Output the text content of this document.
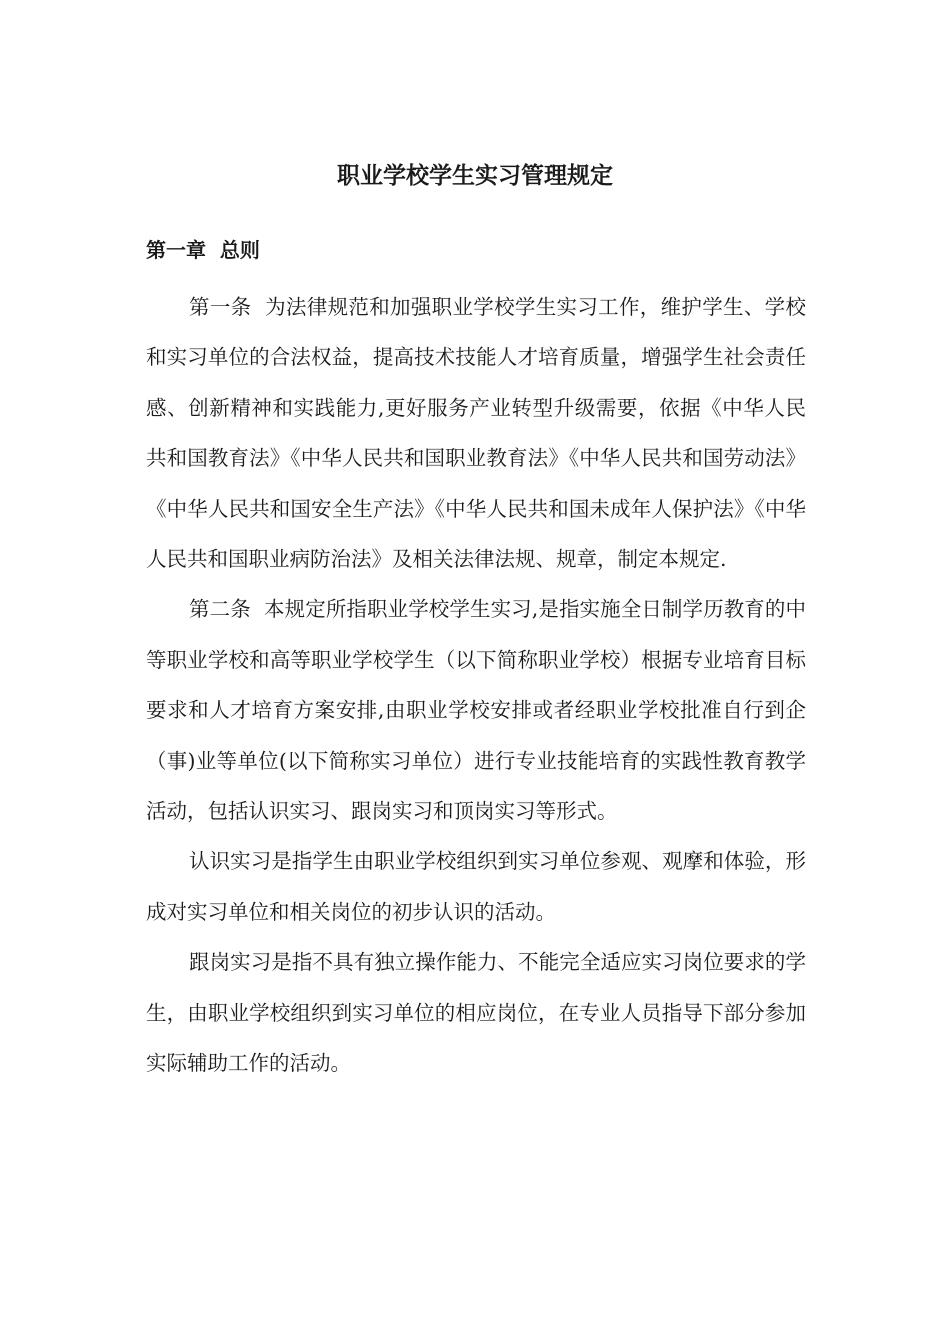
职业学校学生实习管理规定
第一章  总则

第一条  为法律规范和加强职业学校学生实习工作，维护学生、学校和实习单位的合法权益，提高技术技能人才培育质量，增强学生社会责任感、创新精神和实践能力,更好服务产业转型升级需要，依据《中华人民共和国教育法》《中华人民共和国职业教育法》《中华人民共和国劳动法》《中华人民共和国安全生产法》《中华人民共和国未成年人保护法》《中华人民共和国职业病防治法》及相关法律法规、规章，制定本规定.

第二条  本规定所指职业学校学生实习,是指实施全日制学历教育的中等职业学校和高等职业学校学生（以下简称职业学校）根据专业培育目标要求和人才培育方案安排,由职业学校安排或者经职业学校批准自行到企（事)业等单位(以下简称实习单位）进行专业技能培育的实践性教育教学活动，包括认识实习、跟岗实习和顶岗实习等形式。

认识实习是指学生由职业学校组织到实习单位参观、观摩和体验，形成对实习单位和相关岗位的初步认识的活动。

跟岗实习是指不具有独立操作能力、不能完全适应实习岗位要求的学生，由职业学校组织到实习单位的相应岗位，在专业人员指导下部分参加实际辅助工作的活动。
